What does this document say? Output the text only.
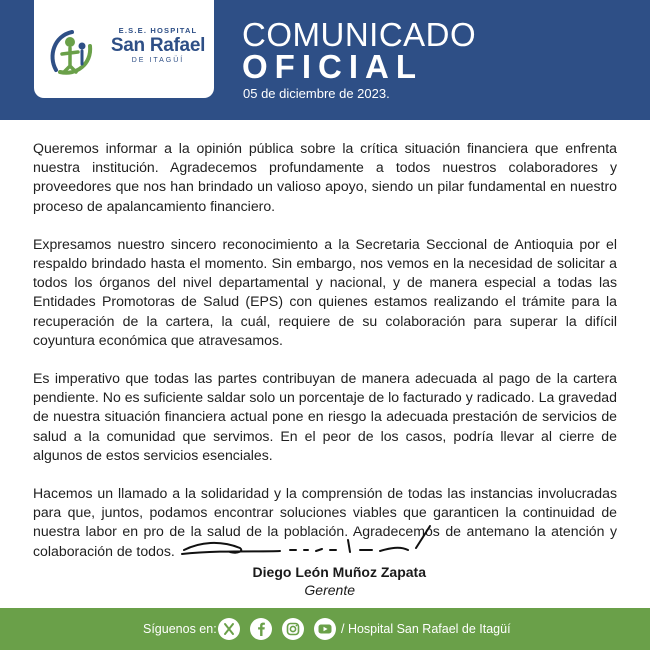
E.S.E. HOSPITAL
San Rafael
DE ITAGÜÍ
COMUNICADO
OFICIAL
05 de diciembre de 2023.

Queremos informar a la opinión pública sobre la crítica situación financiera que enfrenta nuestra institución. Agradecemos profundamente a todos nuestros colaboradores y proveedores que nos han brindado un valioso apoyo, siendo un pilar fundamental en nuestro proceso de apalancamiento financiero.

Expresamos nuestro sincero reconocimiento a la Secretaria Seccional de Antioquia por el respaldo brindado hasta el momento. Sin embargo, nos vemos en la necesidad de solicitar a todos los órganos del nivel departamental y nacional, y de manera especial a todas las Entidades Promotoras de Salud (EPS) con quienes estamos realizando el trámite para la recuperación de la cartera, la cuál, requiere de su colaboración para superar la difícil coyuntura económica que atravesamos.

Es imperativo que todas las partes contribuyan de manera adecuada al pago de la cartera pendiente. No es suficiente saldar solo un porcentaje de lo facturado y radicado. La gravedad de nuestra situación financiera actual pone en riesgo la adecuada prestación de servicios de salud a la comunidad que servimos. En el peor de los casos, podría llevar al cierre de algunos de estos servicios esenciales.

Hacemos un llamado a la solidaridad y la comprensión de todas las instancias involucradas para que, juntos, podamos encontrar soluciones viables que garanticen la continuidad de nuestra labor en pro de la salud de la población. Agradecemos de antemano la atención y colaboración de todos.

Diego León Muñoz Zapata
Gerente
Síguenos en:	/ Hospital San Rafael de Itagüí
